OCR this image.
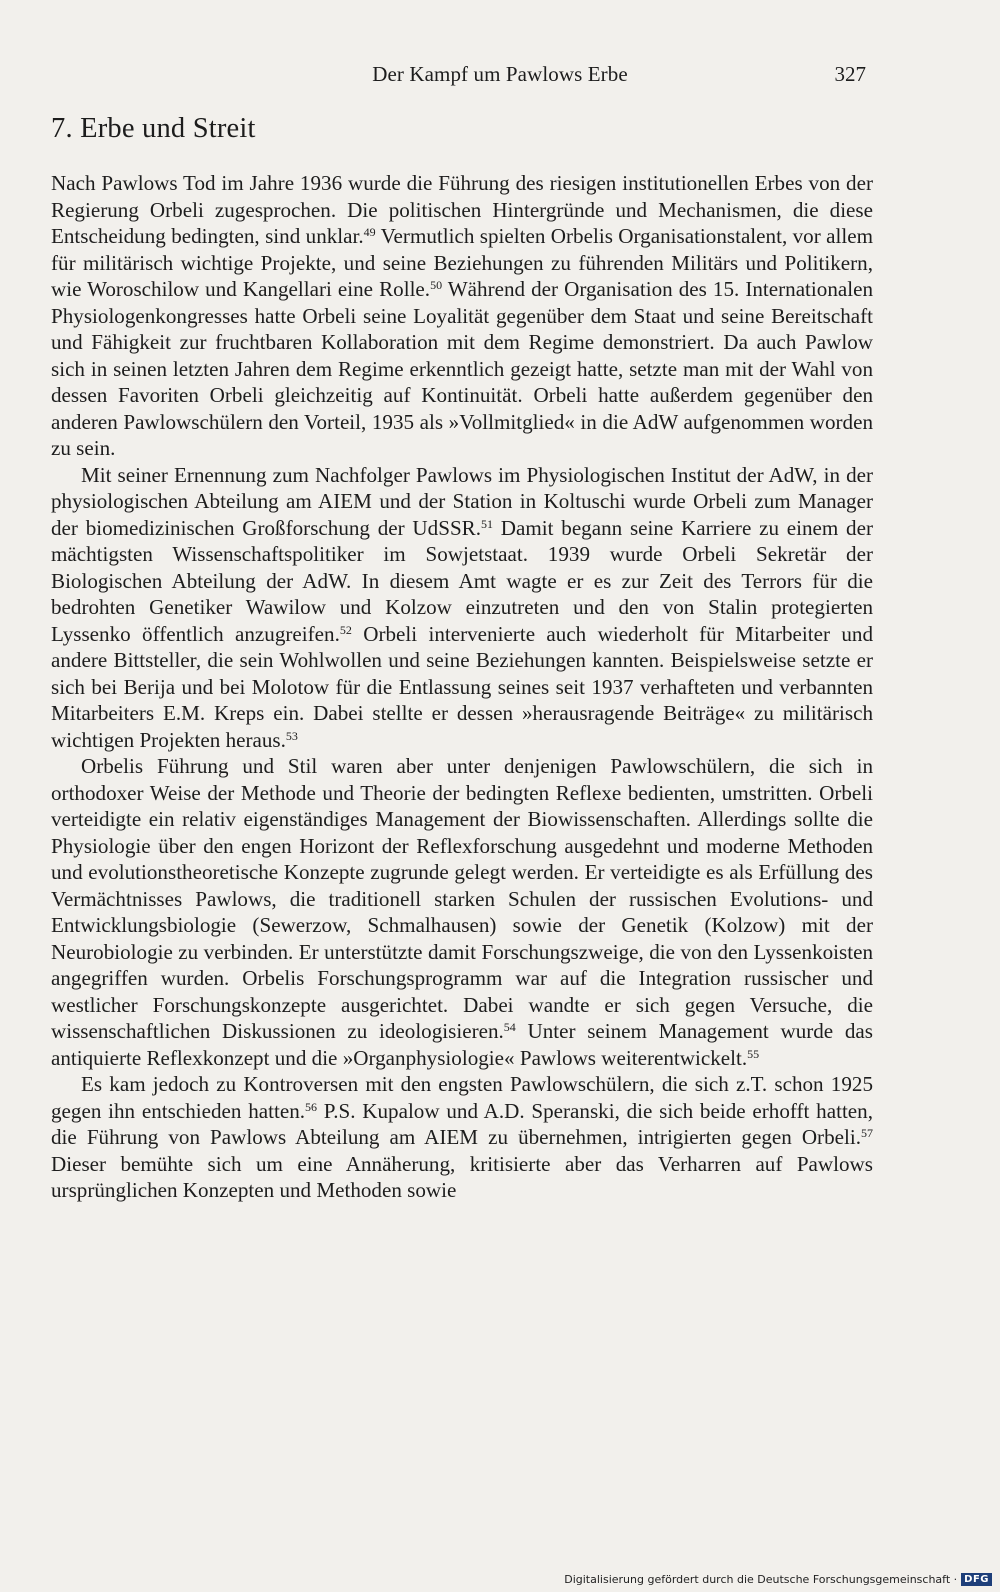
Der Kampf um Pawlows Erbe	327
7. Erbe und Streit

Nach Pawlows Tod im Jahre 1936 wurde die Führung des riesigen institutionellen Erbes von der Regierung Orbeli zugesprochen. Die politischen Hintergründe und Mechanismen, die diese Entscheidung bedingten, sind unklar.$^{49}$ Vermutlich spielten Orbelis Organisationstalent, vor allem für militärisch wichtige Projekte, und seine Beziehungen zu führenden Militärs und Politikern, wie Woroschilow und Kangellari eine Rolle.$^{50}$ Während der Organisation des 15. Internationalen Physiologenkongresses hatte Orbeli seine Loyalität gegenüber dem Staat und seine Bereitschaft und Fähigkeit zur fruchtbaren Kollaboration mit dem Regime demonstriert. Da auch Pawlow sich in seinen letzten Jahren dem Regime erkenntlich gezeigt hatte, setzte man mit der Wahl von dessen Favoriten Orbeli gleichzeitig auf Kontinuität. Orbeli hatte außerdem gegenüber den anderen Pawlowschülern den Vorteil, 1935 als »Vollmitglied« in die AdW aufgenommen worden zu sein.

Mit seiner Ernennung zum Nachfolger Pawlows im Physiologischen Institut der AdW, in der physiologischen Abteilung am AIEM und der Station in Koltuschi wurde Orbeli zum Manager der biomedizinischen Großforschung der UdSSR.$^{51}$ Damit begann seine Karriere zu einem der mächtigsten Wissenschaftspolitiker im Sowjetstaat. 1939 wurde Orbeli Sekretär der Biologischen Abteilung der AdW. In diesem Amt wagte er es zur Zeit des Terrors für die bedrohten Genetiker Wawilow und Kolzow einzutreten und den von Stalin protegierten Lyssenko öffentlich anzugreifen.$^{52}$ Orbeli intervenierte auch wiederholt für Mitarbeiter und andere Bittsteller, die sein Wohlwollen und seine Beziehungen kannten. Beispielsweise setzte er sich bei Berija und bei Molotow für die Entlassung seines seit 1937 verhafteten und verbannten Mitarbeiters E.M. Kreps ein. Dabei stellte er dessen »herausragende Beiträge« zu militärisch wichtigen Projekten heraus.$^{53}$

Orbelis Führung und Stil waren aber unter denjenigen Pawlowschülern, die sich in orthodoxer Weise der Methode und Theorie der bedingten Reflexe bedienten, umstritten. Orbeli verteidigte ein relativ eigenständiges Management der Biowissenschaften. Allerdings sollte die Physiologie über den engen Horizont der Reflexforschung ausgedehnt und moderne Methoden und evolutionstheoretische Konzepte zugrunde gelegt werden. Er verteidigte es als Erfüllung des Vermächtnisses Pawlows, die traditionell starken Schulen der russischen Evolutions- und Entwicklungsbiologie (Sewerzow, Schmalhausen) sowie der Genetik (Kolzow) mit der Neurobiologie zu verbinden. Er unterstützte damit Forschungszweige, die von den Lyssenkoisten angegriffen wurden. Orbelis Forschungsprogramm war auf die Integration russischer und westlicher Forschungskonzepte ausgerichtet. Dabei wandte er sich gegen Versuche, die wissenschaftlichen Diskussionen zu ideologisieren.$^{54}$ Unter seinem Management wurde das antiquierte Reflexkonzept und die »Organphysiologie« Pawlows weiterentwickelt.$^{55}$

Es kam jedoch zu Kontroversen mit den engsten Pawlowschülern, die sich z.T. schon 1925 gegen ihn entschieden hatten.$^{56}$ P.S. Kupalow und A.D. Speranski, die sich beide erhofft hatten, die Führung von Pawlows Abteilung am AIEM zu übernehmen, intrigierten gegen Orbeli.$^{57}$ Dieser bemühte sich um eine Annäherung, kritisierte aber das Verharren auf Pawlows ursprünglichen Konzepten und Methoden sowie

Digitalisierung gefördert durch die Deutsche Forschungsgemeinschaft · DFG
